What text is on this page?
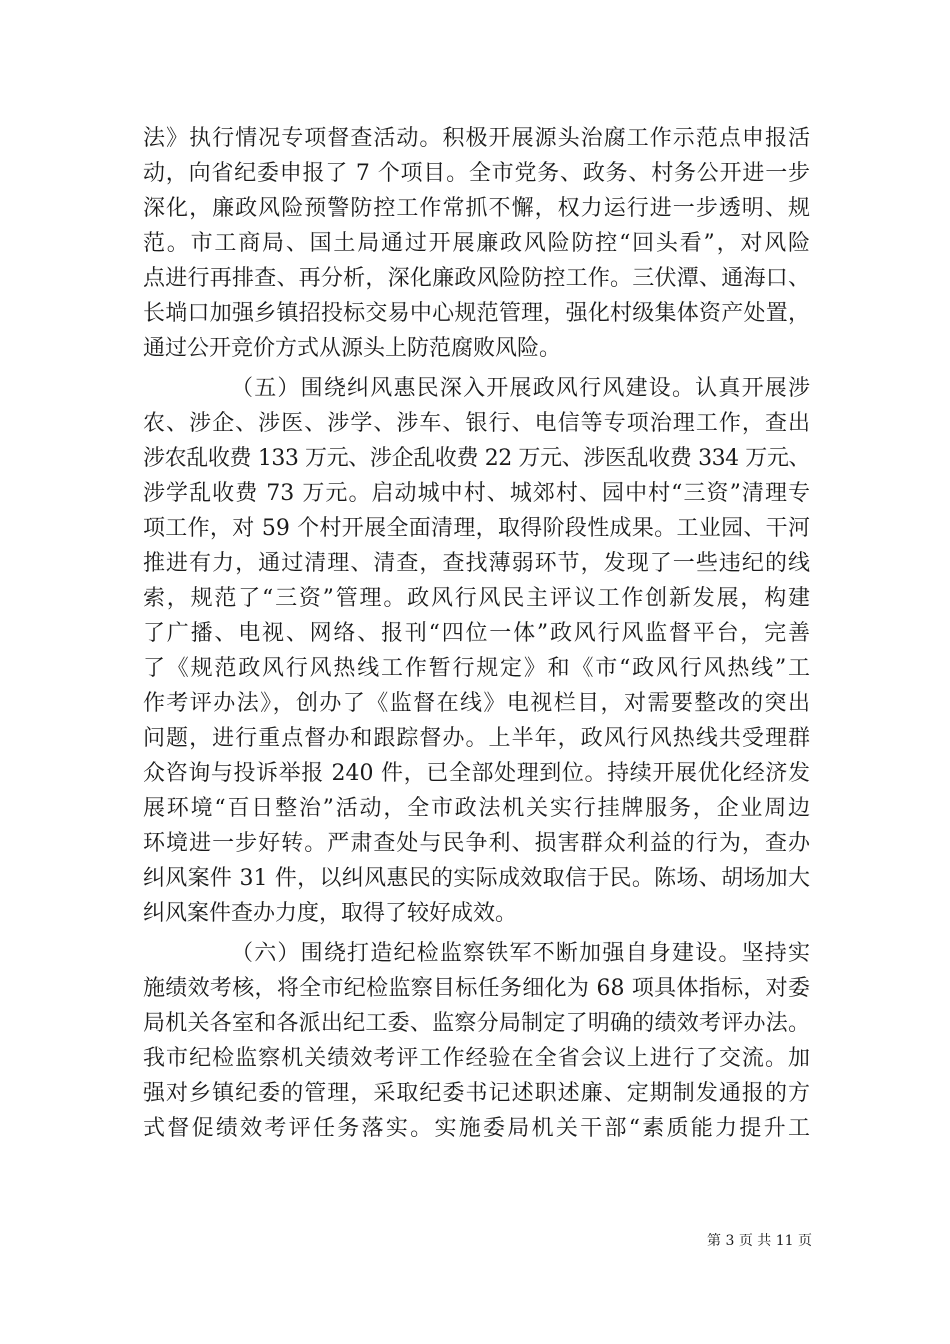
法》执行情况专项督查活动。积极开展源头治腐工作示范点申报活
动，向省纪委申报了 7 个项目。全市党务、政务、村务公开进一步
深化，廉政风险预警防控工作常抓不懈，权力运行进一步透明、规
范。市工商局、国土局通过开展廉政风险防控“回头看”，对风险
点进行再排查、再分析，深化廉政风险防控工作。三伏潭、通海口、
长埫口加强乡镇招投标交易中心规范管理，强化村级集体资产处置，
通过公开竞价方式从源头上防范腐败风险。
（五）围绕纠风惠民深入开展政风行风建设。认真开展涉
农、涉企、涉医、涉学、涉车、银行、电信等专项治理工作，查出
涉农乱收费 133 万元、涉企乱收费 22 万元、涉医乱收费 334 万元、
涉学乱收费 73 万元。启动城中村、城郊村、园中村“三资”清理专
项工作，对 59 个村开展全面清理，取得阶段性成果。工业园、干河
推进有力，通过清理、清查，查找薄弱环节，发现了一些违纪的线
索，规范了“三资”管理。政风行风民主评议工作创新发展，构建
了广播、电视、网络、报刊“四位一体”政风行风监督平台，完善
了《规范政风行风热线工作暂行规定》和《市“政风行风热线”工
作考评办法》，创办了《监督在线》电视栏目，对需要整改的突出
问题，进行重点督办和跟踪督办。上半年，政风行风热线共受理群
众咨询与投诉举报 240 件，已全部处理到位。持续开展优化经济发
展环境“百日整治”活动，全市政法机关实行挂牌服务，企业周边
环境进一步好转。严肃查处与民争利、损害群众利益的行为，查办
纠风案件 31 件，以纠风惠民的实际成效取信于民。陈场、胡场加大
纠风案件查办力度，取得了较好成效。
（六）围绕打造纪检监察铁军不断加强自身建设。坚持实
施绩效考核，将全市纪检监察目标任务细化为 68 项具体指标，对委
局机关各室和各派出纪工委、监察分局制定了明确的绩效考评办法。
我市纪检监察机关绩效考评工作经验在全省会议上进行了交流。加
强对乡镇纪委的管理，采取纪委书记述职述廉、定期制发通报的方
式督促绩效考评任务落实。实施委局机关干部“素质能力提升工
第 3 页 共 11 页
